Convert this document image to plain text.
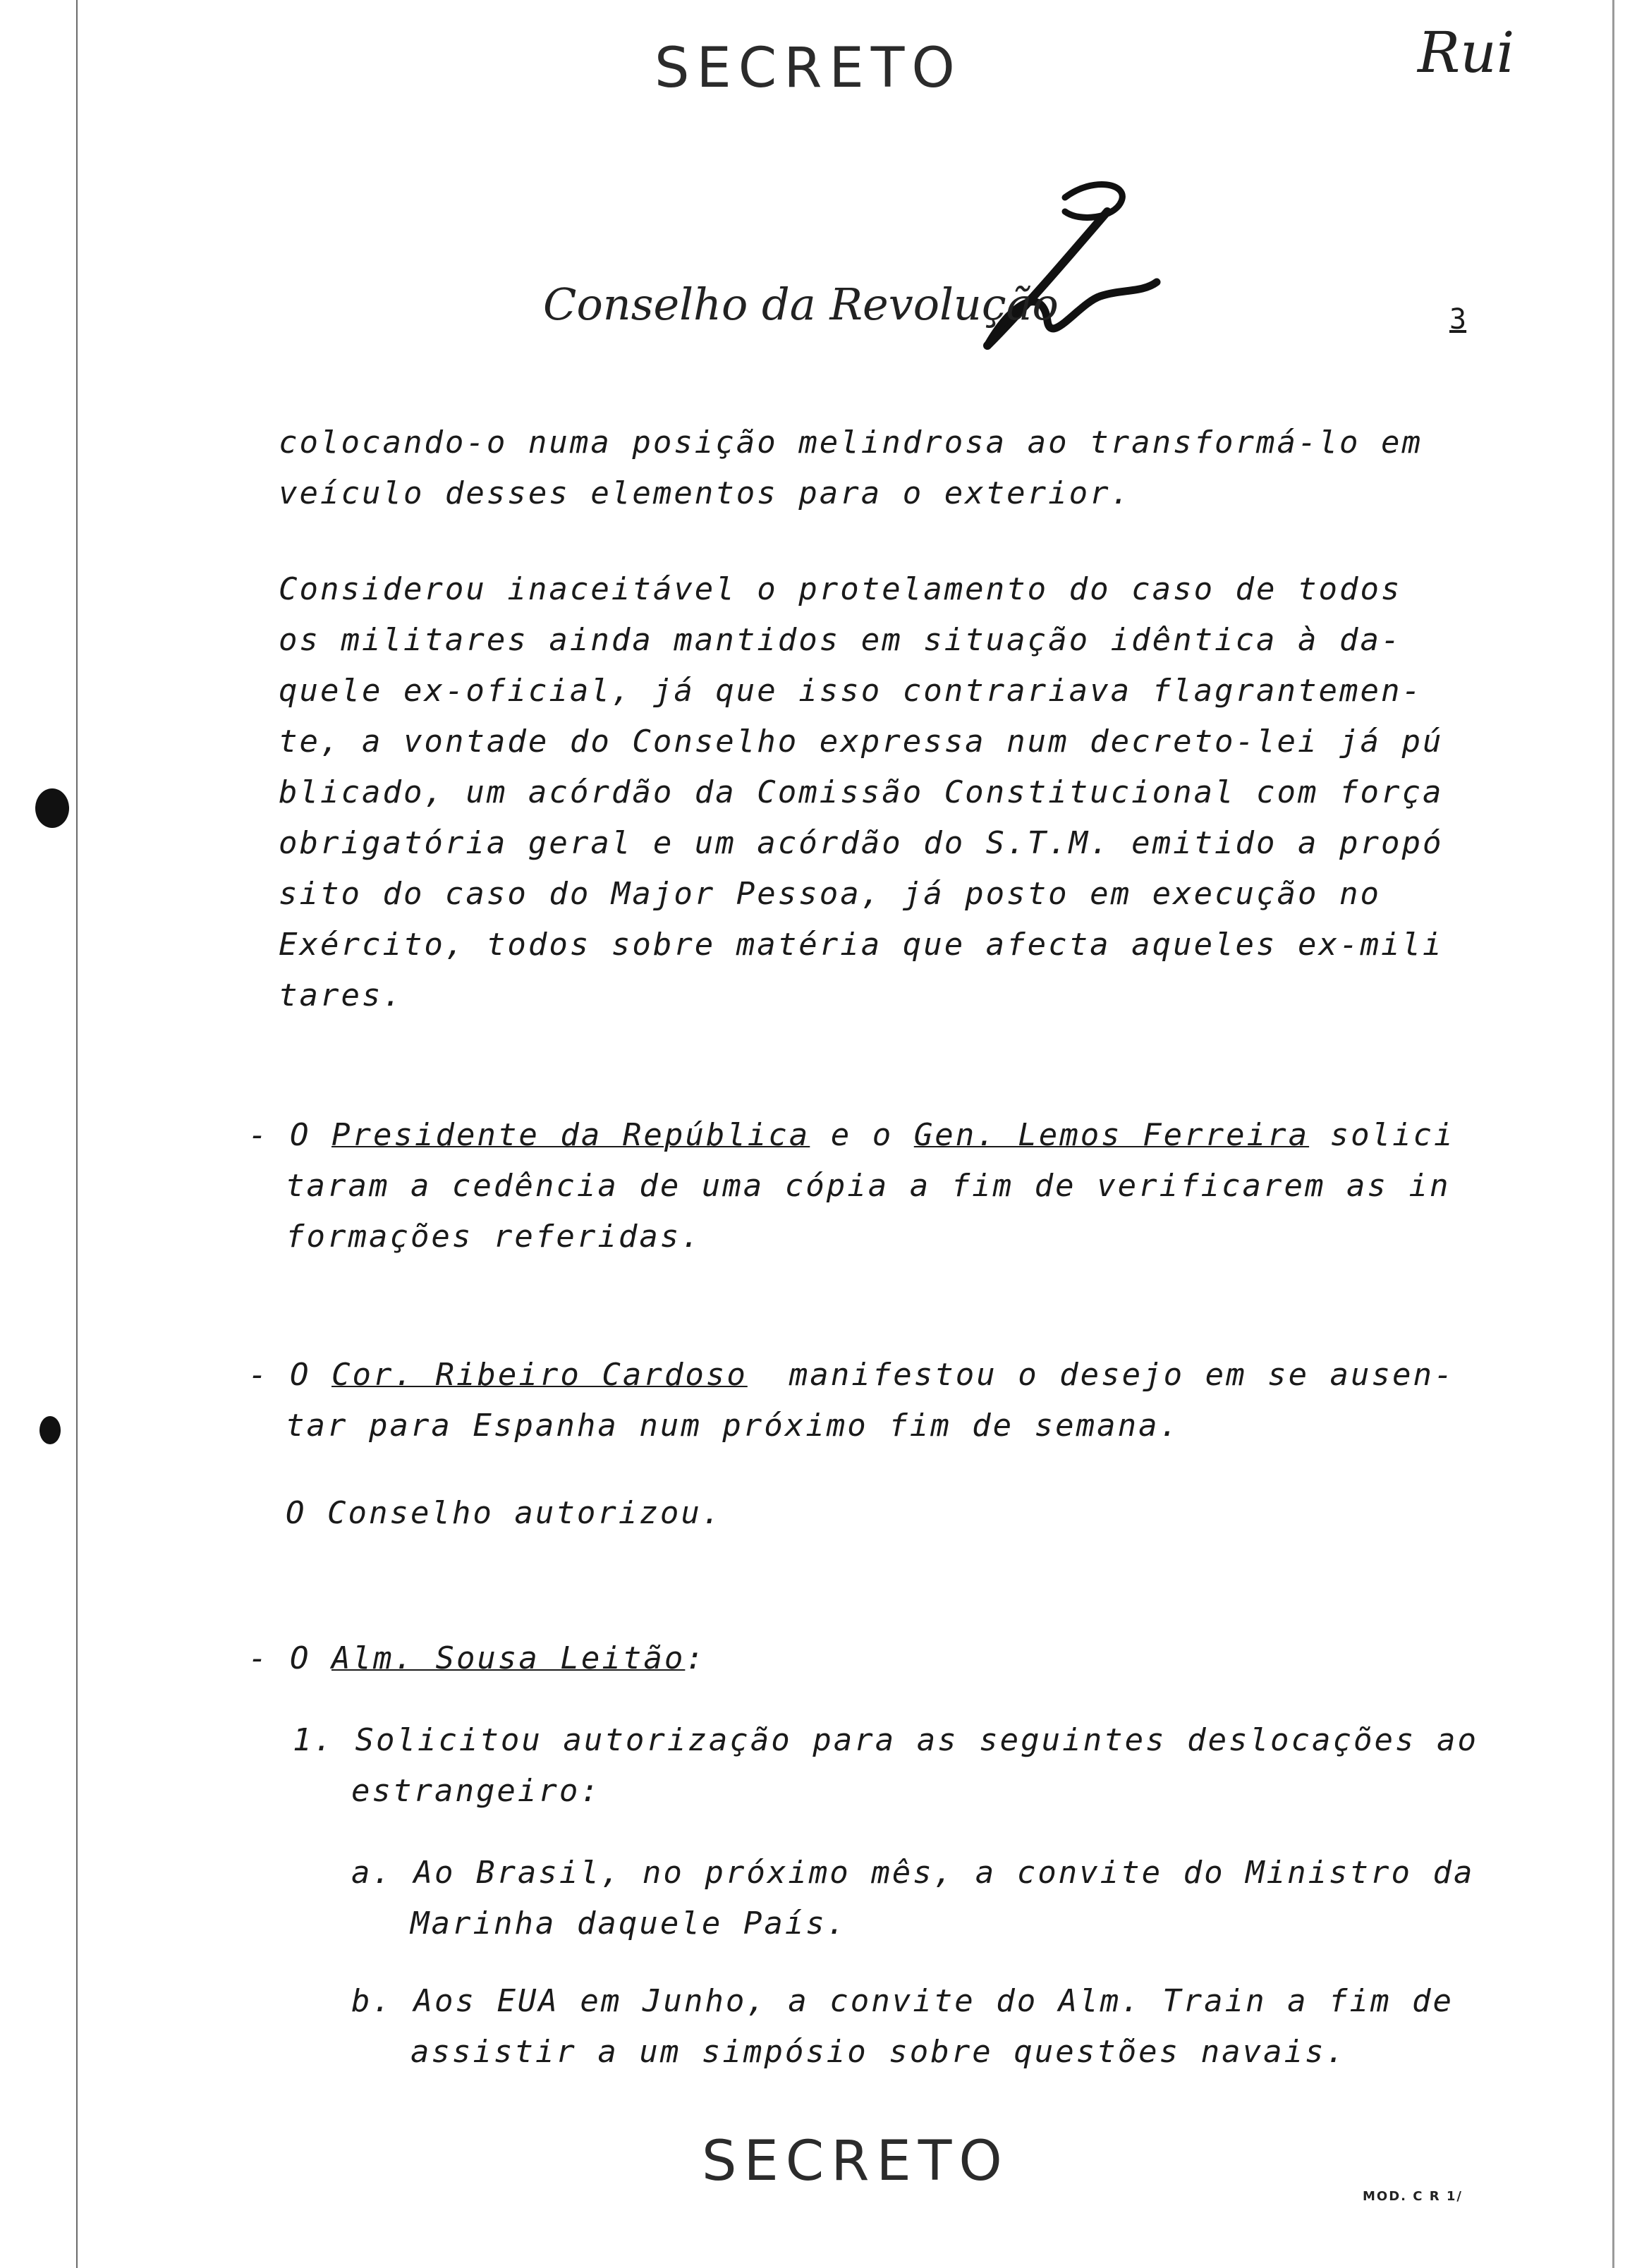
SECRETO	Rui
Conselho da Revolução	3
colocando-o numa posição melindrosa ao transformá-lo em
veículo desses elementos para o exterior.
Considerou inaceitável o protelamento do caso de todos
os militares ainda mantidos em situação idêntica à da-
quele ex-oficial, já que isso contrariava flagrantemen-
te, a vontade do Conselho expressa num decreto-lei já pú
blicado, um acórdão da Comissão Constitucional com força
obrigatória geral e um acórdão do S.T.M. emitido a propó
sito do caso do Major Pessoa, já posto em execução no
Exército, todos sobre matéria que afecta aqueles ex-mili
tares.
- O Presidente da República e o Gen. Lemos Ferreira solici
taram a cedência de uma cópia a fim de verificarem as in
formações referidas.
- O Cor. Ribeiro Cardoso manifestou o desejo em se ausen-
tar para Espanha num próximo fim de semana.
O Conselho autorizou.
- O Alm. Sousa Leitão:
1. Solicitou autorização para as seguintes deslocações ao
estrangeiro:
a. Ao Brasil, no próximo mês, a convite do Ministro da
Marinha daquele País.
b. Aos EUA em Junho, a convite do Alm. Train a fim de
assistir a um simpósio sobre questões navais.
SECRETO
MOD. C R 1/
